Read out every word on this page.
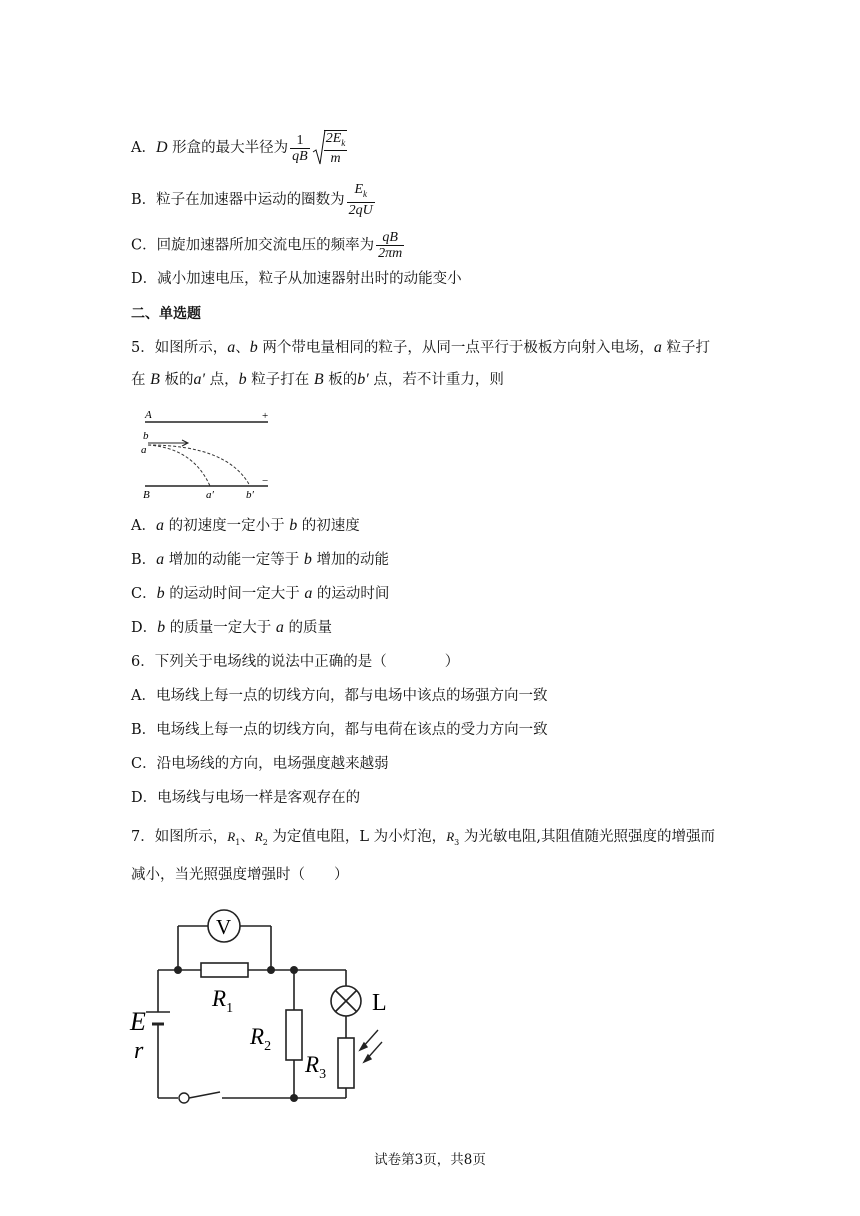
A．D 形盒的最大半径为 $\frac{1}{qB} \frac{2E_k}{m}$
B．粒子在加速器中运动的圈数为 $\frac{E_k}{2qU}$
C．回旋加速器所加交流电压的频率为 $\frac{qB}{2\pi m}$
D．减小加速电压，粒子从加速器射出时的动能变小
二、单选题
5．如图所示，a、b 两个带电量相同的粒子，从同一点平行于极板方向射入电场，a 粒子打
在 B 板的a′ 点，b 粒子打在 B 板的b′ 点，若不计重力，则
A	+
b
a
−
B	a′	b′
A．a 的初速度一定小于 b 的初速度
B．a 增加的动能一定等于 b 增加的动能
C．b 的运动时间一定大于 a 的运动时间
D．b 的质量一定大于 a 的质量
6．下列关于电场线的说法中正确的是（　　　　）
A．电场线上每一点的切线方向，都与电场中该点的场强方向一致
B．电场线上每一点的切线方向，都与电荷在该点的受力方向一致
C．沿电场线的方向，电场强度越来越弱
D．电场线与电场一样是客观存在的
7．如图所示，$R_1$、$R_2$ 为定值电阻，L 为小灯泡，$R_3$ 为光敏电阻,其阻值随光照强度的增强而
减小，当光照强度增强时（　　）
V
$R_1$
$R_2$
L
$R_3$
E
r
试卷第3页，共8页
